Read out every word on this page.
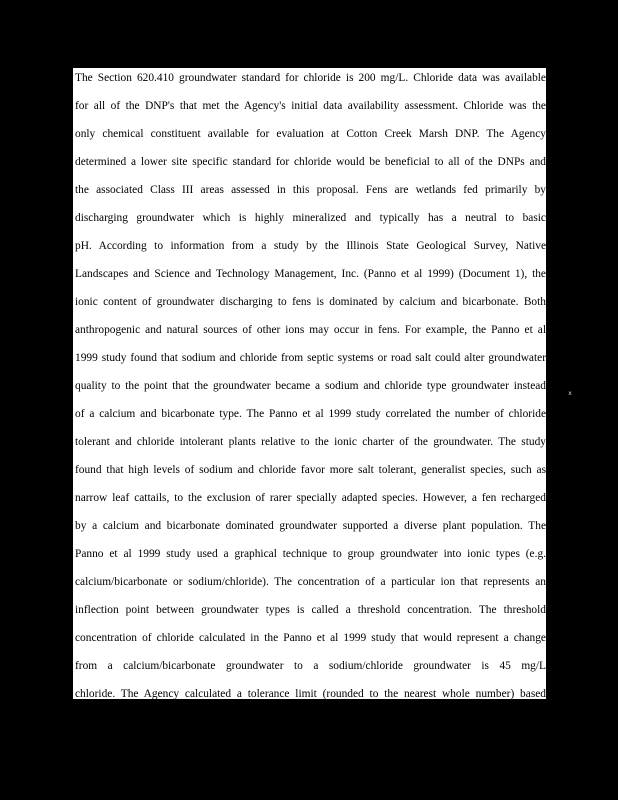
The Section 620.410 groundwater standard for chloride is 200 mg/L. Chloride data was available
for all of the DNP's that met the Agency's initial data availability assessment. Chloride was the
only chemical constituent available for evaluation at Cotton Creek Marsh DNP. The Agency
determined a lower site specific standard for chloride would be beneficial to all of the DNPs and
the associated Class III areas assessed in this proposal. Fens are wetlands fed primarily by
discharging groundwater which is highly mineralized and typically has a neutral to basic
pH. According to information from a study by the Illinois State Geological Survey, Native
Landscapes and Science and Technology Management, Inc. (Panno et al 1999) (Document 1), the
ionic content of groundwater discharging to fens is dominated by calcium and bicarbonate. Both
anthropogenic and natural sources of other ions may occur in fens. For example, the Panno et al
1999 study found that sodium and chloride from septic systems or road salt could alter groundwater
quality to the point that the groundwater became a sodium and chloride type groundwater instead
of a calcium and bicarbonate type. The Panno et al 1999 study correlated the number of chloride
tolerant and chloride intolerant plants relative to the ionic charter of the groundwater. The study
found that high levels of sodium and chloride favor more salt tolerant, generalist species, such as
narrow leaf cattails, to the exclusion of rarer specially adapted species. However, a fen recharged
by a calcium and bicarbonate dominated groundwater supported a diverse plant population. The
Panno et al 1999 study used a graphical technique to group groundwater into ionic types (e.g.
calcium/bicarbonate or sodium/chloride). The concentration of a particular ion that represents an
inflection point between groundwater types is called a threshold concentration. The threshold
concentration of chloride calculated in the Panno et al 1999 study that would represent a change
from a calcium/bicarbonate groundwater to a sodium/chloride groundwater is 45 mg/L
chloride. The Agency calculated a tolerance limit (rounded to the nearest whole number) based
x
